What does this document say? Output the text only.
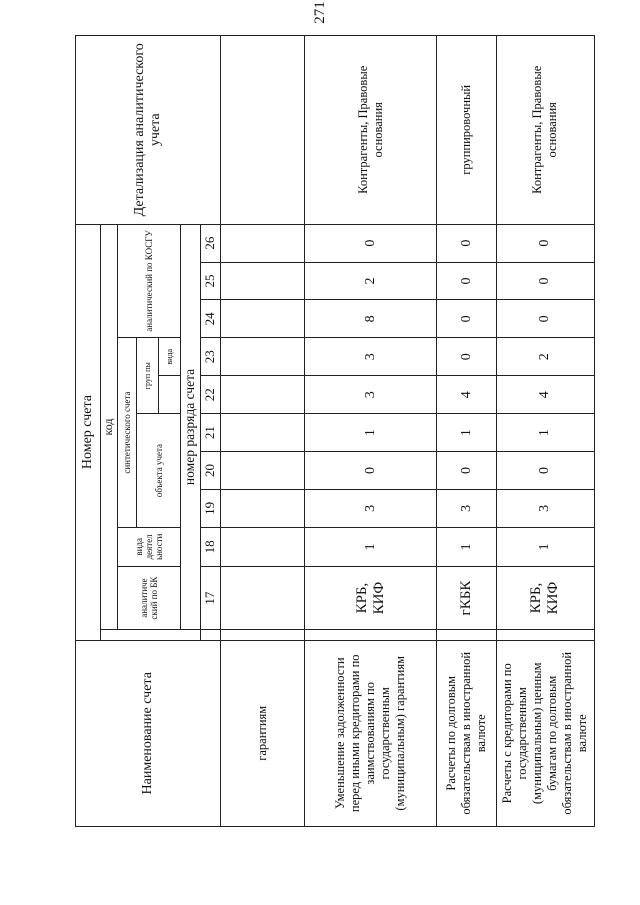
271
Наименование счета	Номер счета											Детализация аналитического учета
		код										
		аналитиче ский по БК	вида деятел ьности	синтетического счета					аналитический по КОСГУ			
				объекта учета			груп пы					
								вида				
		номер разряда счета										
		17	18	19	20	21	22	23	24	25	26	
гарантиям												
Уменьшение задолженности перед иными кредиторами по заимствованиям по государственным (муниципальным) гарантиям		КРБ, КИФ	1	3	0	1	3	3	8	2	0	Контрагенты, Правовые основания
Расчеты по долговым обязательствам в иностранной валюте		гКБК	1	3	0	1	4	0	0	0	0	группировочный
Расчеты с кредиторами по государственным (муниципальным) ценным бумагам по долговым обязательствам в иностранной валюте		КРБ, КИФ	1	3	0	1	4	2	0	0	0	Контрагенты, Правовые основания
